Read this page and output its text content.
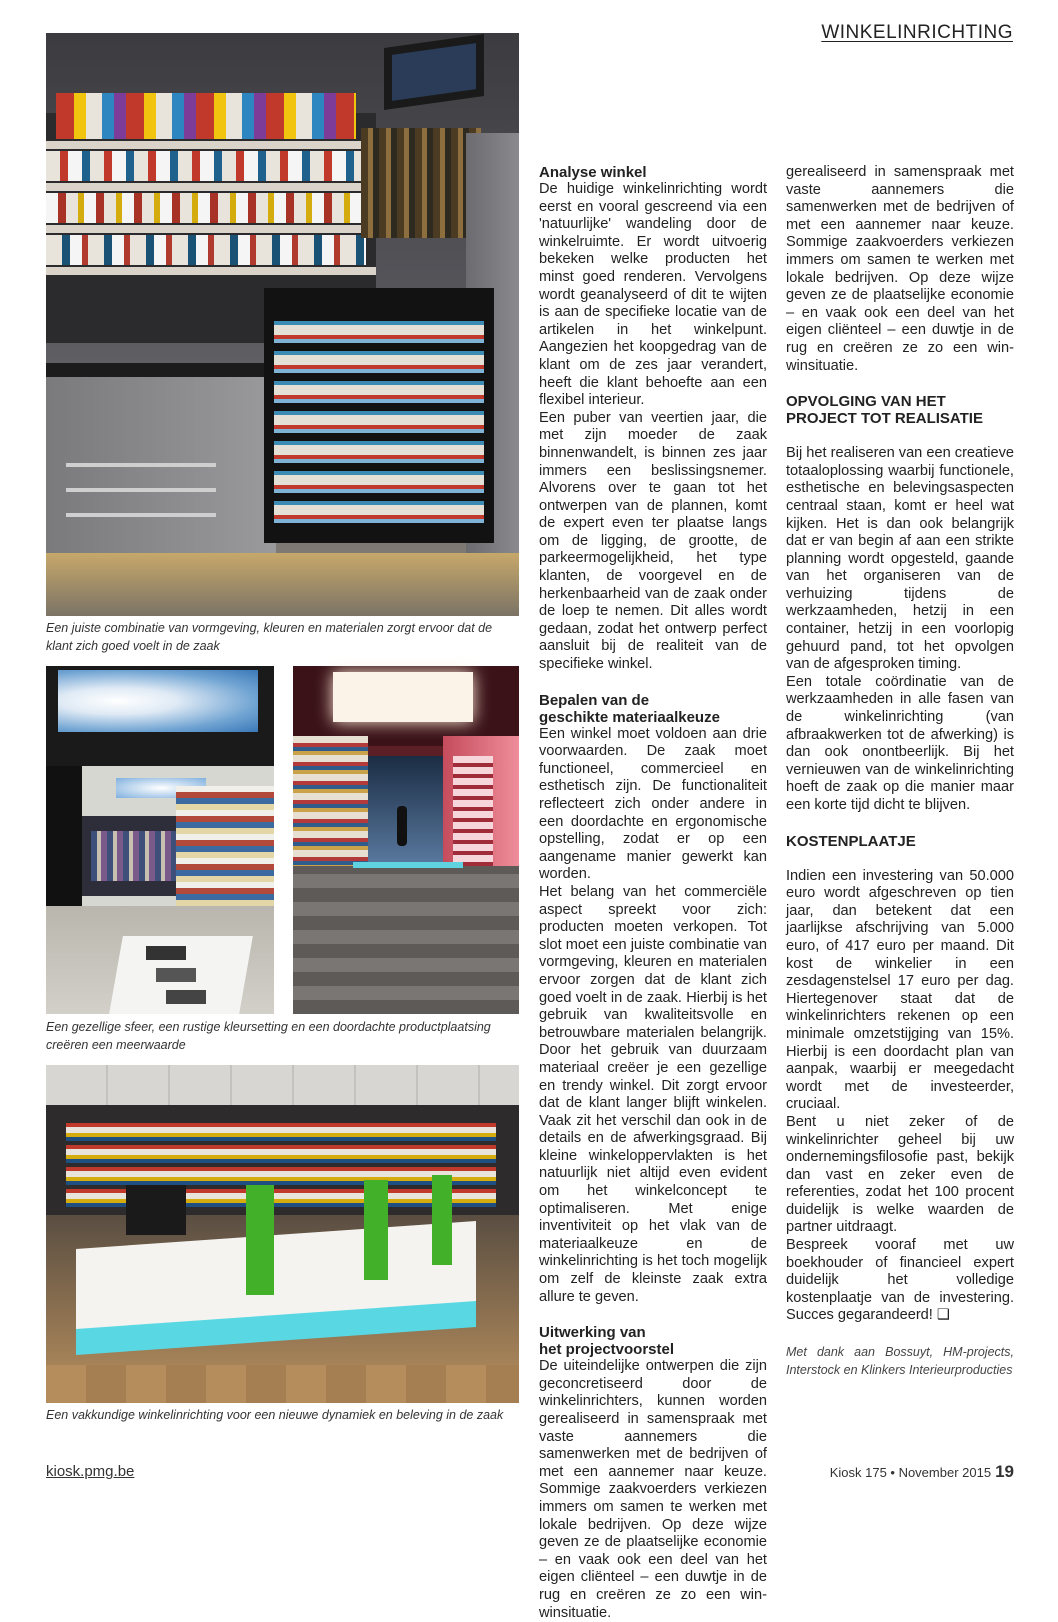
WINKELINRICHTING
Een juiste combinatie van vormgeving, kleuren en materialen zorgt ervoor dat de klant zich goed voelt in de zaak
Een gezellige sfeer, een rustige kleursetting en een doordachte productplaatsing creëren een meerwaarde
Een vakkundige winkelinrichting voor een nieuwe dynamiek en beleving in de zaak
Analyse winkel

De huidige winkelinrichting wordt eerst en vooral gescreend via een 'natuurlijke' wandeling door de winkelruimte. Er wordt uitvoerig bekeken welke producten het minst goed renderen. Vervolgens wordt geanalyseerd of dit te wijten is aan de specifieke locatie van de artikelen in het winkelpunt. Aangezien het koopgedrag van de klant om de zes jaar verandert, heeft die klant behoefte aan een flexibel interieur.

Een puber van veertien jaar, die met zijn moeder de zaak binnenwandelt, is binnen zes jaar immers een beslissingsnemer. Alvorens over te gaan tot het ontwerpen van de plannen, komt de expert even ter plaatse langs om de ligging, de grootte, de parkeermogelijkheid, het type klanten, de voorgevel en de herkenbaarheid van de zaak onder de loep te nemen. Dit alles wordt gedaan, zodat het ontwerp perfect aansluit bij de realiteit van de specifieke winkel.

Bepalen van de
geschikte materiaalkeuze

Een winkel moet voldoen aan drie voorwaarden. De zaak moet functioneel, commercieel en esthetisch zijn. De functionaliteit reflecteert zich onder andere in een doordachte en ergonomische opstelling, zodat er op een aangename manier gewerkt kan worden.

Het belang van het commerciële aspect spreekt voor zich: producten moeten verkopen. Tot slot moet een juiste combinatie van vormgeving, kleuren en materialen ervoor zorgen dat de klant zich goed voelt in de zaak. Hierbij is het gebruik van kwaliteitsvolle en betrouwbare materialen belangrijk. Door het gebruik van duurzaam materiaal creëer je een gezellige en trendy winkel. Dit zorgt ervoor dat de klant langer blijft winkelen. Vaak zit het verschil dan ook in de details en de afwerkingsgraad. Bij kleine winkeloppervlakten is het natuurlijk niet altijd even evident om het winkelconcept te optimaliseren. Met enige inventiviteit op het vlak van de materiaalkeuze en de winkelinrichting is het toch mogelijk om zelf de kleinste zaak extra allure te geven.

Uitwerking van
het projectvoorstel

De uiteindelijke ontwerpen die zijn geconcretiseerd door de winkelinrichters, kunnen worden gerealiseerd in samenspraak met vaste aannemers die samenwerken met de bedrijven of met een aannemer naar keuze. Sommige zaakvoerders verkiezen immers om samen te werken met lokale bedrijven. Op deze wijze geven ze de plaatselijke economie – en vaak ook een deel van het eigen cliënteel – een duwtje in de rug en creëren ze zo een win-winsituatie.

gerealiseerd in samenspraak met vaste aannemers die samenwerken met de bedrijven of met een aannemer naar keuze. Sommige zaakvoerders verkiezen immers om samen te werken met lokale bedrijven. Op deze wijze geven ze de plaatselijke economie – en vaak ook een deel van het eigen cliënteel – een duwtje in de rug en creëren ze zo een win-winsituatie.

OPVOLGING VAN HET
PROJECT TOT REALISATIE

Bij het realiseren van een creatieve totaaloplossing waarbij functionele, esthetische en belevingsaspecten centraal staan, komt er heel wat kijken. Het is dan ook belangrijk dat er van begin af aan een strikte planning wordt opgesteld, gaande van het organiseren van de verhuizing tijdens de werkzaamheden, hetzij in een container, hetzij in een voorlopig gehuurd pand, tot het opvolgen van de afgesproken timing.

Een totale coördinatie van de werkzaamheden in alle fasen van de winkelinrichting (van afbraakwerken tot de afwerking) is dan ook onontbeerlijk. Bij het vernieuwen van de winkelinrichting hoeft de zaak op die manier maar een korte tijd dicht te blijven.

KOSTENPLAATJE

Indien een investering van 50.000 euro wordt afgeschreven op tien jaar, dan betekent dat een jaarlijkse afschrijving van 5.000 euro, of 417 euro per maand. Dit kost de winkelier in een zesdagenstelsel 17 euro per dag. Hiertegenover staat dat de winkelinrichters rekenen op een minimale omzetstijging van 15%. Hierbij is een doordacht plan van aanpak, waarbij er meegedacht wordt met de investeerder, cruciaal.

Bent u niet zeker of de winkelinrichter geheel bij uw ondernemingsfilosofie past, bekijk dan vast en zeker even de referenties, zodat het 100 procent duidelijk is welke waarden de partner uitdraagt.

Bespreek vooraf met uw boekhouder of financieel expert duidelijk het volledige kostenplaatje van de investering. Succes gegarandeerd! ❑

Met dank aan Bossuyt, HM-projects, Interstock en Klinkers Interieurproducties
kiosk.pmg.be	Kiosk 175 • November 2015 19
